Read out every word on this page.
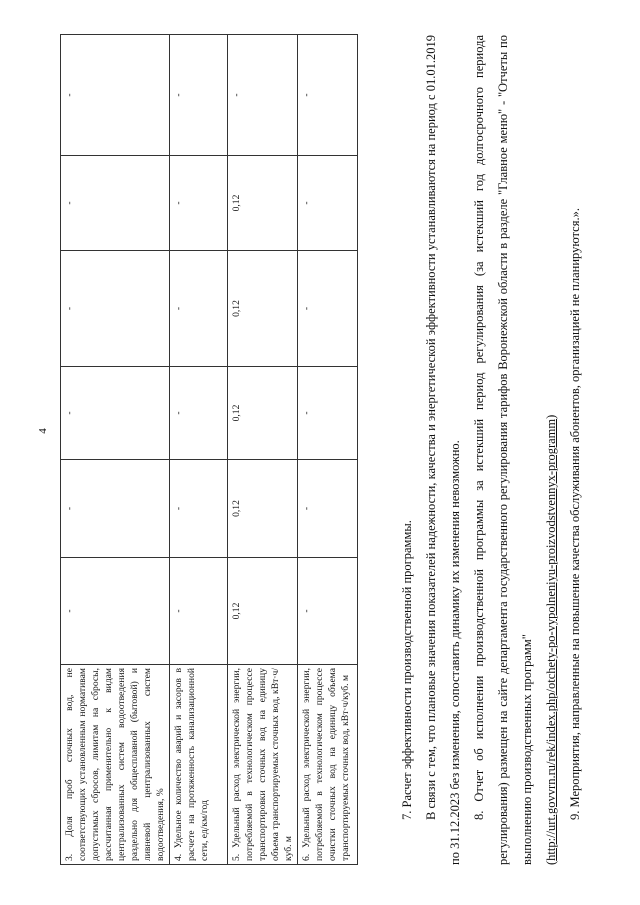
4
3. Доля проб сточных вод, не соответствующих установленным нормативам допустимых сбросов, лимитам на сбросы, рассчитанная применительно к видам централизованных систем водоотведения раздельно для общесплавной (бытовой) и ливневой централизованных систем водоотведения, %	-	-	-	-	-	-
4. Удельное количество аварий и засоров в расчете на протяженность канализационной сети, ед/км/год	-	-	-	-	-	-
5. Удельный расход электрической энергии, потребляемой в технологическом процессе транспортировки сточных вод на единицу объема транспортируемых сточных вод, кВт·ч/куб. м	0,12	0,12	0,12	0,12	0,12	-
6. Удельный расход электрической энергии, потребляемой в технологическом процессе очистки сточных вод на единицу объема транспортируемых сточных вод, кВт·ч/куб. м	-	-	-	-	-	-

7. Расчет эффективности производственной программы. В связи с тем, что плановые значения показателей надежности, качества и энергетической эффективности устанавливаются на период с 01.01.2019 по 31.12.2023 без изменения, сопоставить динамику их изменения невозможно. 8. Отчет об исполнении производственной программы за истекший период регулирования (за истекший год долгосрочного периода регулирования) размещен на сайте департамента государственного регулирования тарифов Воронежской области в разделе "Главное меню" - "Отчеты по выполнению производственных программ" (http://urt.govvrn.ru/rek/index.php/otchety-po-vypolneniyu-proizvodstvennyx-programm) 9. Мероприятия, направленные на повышение качества обслуживания абонентов, организацией не планируются.».
